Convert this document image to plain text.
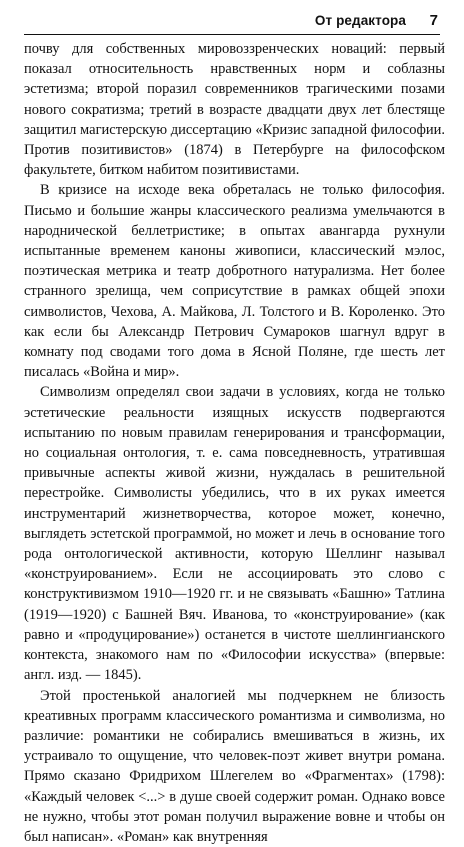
От редактора 7

почву для собственных мировоззренческих новаций: первый показал относительность нравственных норм и соблазны эстетизма; второй поразил современников трагическими позами нового сократизма; третий в возрасте двадцати двух лет блестяще защитил магистерскую диссертацию «Кризис западной философии. Против позитивистов» (1874) в Петербурге на философском факультете, битком набитом позитивистами.

В кризисе на исходе века обреталась не только философия. Письмо и большие жанры классического реализма умельчаются в народнической беллетристике; в опытах авангарда рухнули испытанные временем каноны живописи, классический мэлос, поэтическая метрика и театр добротного натурализма. Нет более странного зрелища, чем соприсутствие в рамках общей эпохи символистов, Чехова, А. Майкова, Л. Толстого и В. Короленко. Это как если бы Александр Петрович Сумароков шагнул вдруг в комнату под сводами того дома в Ясной Поляне, где шесть лет писалась «Война и мир».

Символизм определял свои задачи в условиях, когда не только эстетические реальности изящных искусств подвергаются испытанию по новым правилам генерирования и трансформации, но социальная онтология, т. е. сама повседневность, утратившая привычные аспекты живой жизни, нуждалась в решительной перестройке. Символисты убедились, что в их руках имеется инструментарий жизнетворчества, которое может, конечно, выглядеть эстетской программой, но может и лечь в основание того рода онтологической активности, которую Шеллинг называл «конструированием». Если не ассоциировать это слово с конструктивизмом 1910—1920 гг. и не связывать «Башню» Татлина (1919—1920) с Башней Вяч. Иванова, то «конструирование» (как равно и «продуцирование») останется в чистоте шеллингианского контекста, знакомого нам по «Философии искусства» (впервые: англ. изд. — 1845).

Этой простенькой аналогией мы подчеркнем не близость креативных программ классического романтизма и символизма, но различие: романтики не собирались вмешиваться в жизнь, их устраивало то ощущение, что человек-поэт живет внутри романа. Прямо сказано Фридрихом Шлегелем во «Фрагментах» (1798): «Каждый человек <...> в душе своей содержит роман. Однако вовсе не нужно, чтобы этот роман получил выражение вовне и чтобы он был написан». «Роман» как внутренняя
